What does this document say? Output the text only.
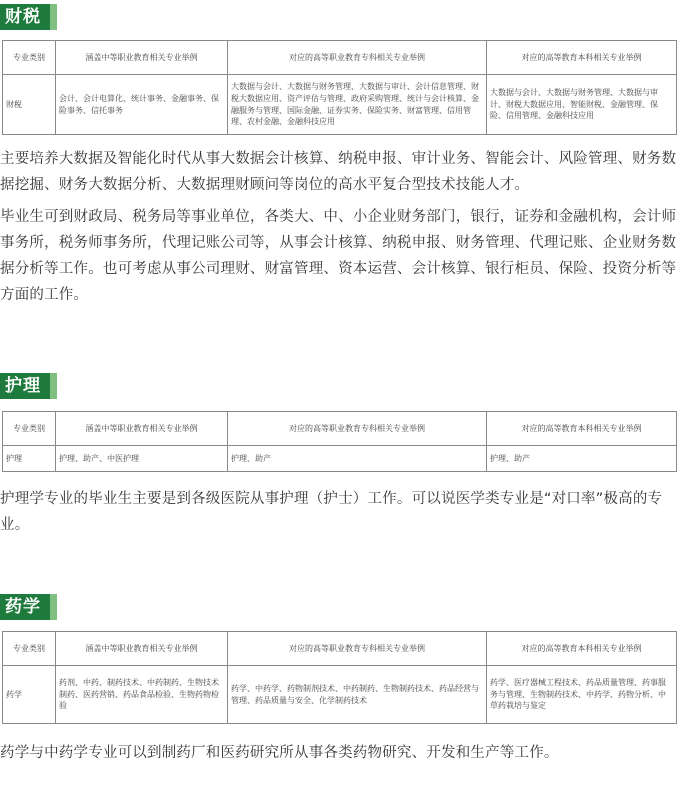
财税
专业类别	涵盖中等职业教育相关专业举例	对应的高等职业教育专科相关专业举例	对应的高等教育本科相关专业举例
财税	会计、会计电算化、统计事务、金融事务、保险事务、信托事务	大数据与会计、大数据与财务管理、大数据与审计、会计信息管理、财税大数据应用、资产评估与管理、政府采购管理、统计与会计核算、金融服务与管理、国际金融、证券实务、保险实务、财富管理、信用管理、农村金融、金融科技应用	大数据与会计、大数据与财务管理、大数据与审计、财税大数据应用、智能财税、金融管理、保险、信用管理、金融科技应用
主要培养大数据及智能化时代从事大数据会计核算、纳税申报、审计业务、智能会计、风险管理、财务数据挖掘、财务大数据分析、大数据理财顾问等岗位的高水平复合型技术技能人才。
毕业生可到财政局、税务局等事业单位，各类大、中、小企业财务部门，银行，证券和金融机构，会计师事务所，税务师事务所，代理记账公司等，从事会计核算、纳税申报、财务管理、代理记账、企业财务数据分析等工作。也可考虑从事公司理财、财富管理、资本运营、会计核算、银行柜员、保险、投资分析等方面的工作。
护理
专业类别	涵盖中等职业教育相关专业举例	对应的高等职业教育专科相关专业举例	对应的高等教育本科相关专业举例
护理	护理、助产、中医护理	护理、助产	护理、助产
护理学专业的毕业生主要是到各级医院从事护理（护士）工作。可以说医学类专业是“对口率”极高的专业。
药学
专业类别	涵盖中等职业教育相关专业举例	对应的高等职业教育专科相关专业举例	对应的高等教育本科相关专业举例
药学	药剂、中药、制药技术、中药制药、生物技术制药、医药营销、药品食品检验、生物药物检验	药学、中药学、药物制剂技术、中药制药、生物制药技术、药品经营与管理、药品质量与安全、化学制药技术	药学、医疗器械工程技术、药品质量管理、药事服务与管理、生物制药技术、中药学、药物分析、中草药栽培与鉴定
药学与中药学专业可以到制药厂和医药研究所从事各类药物研究、开发和生产等工作。
